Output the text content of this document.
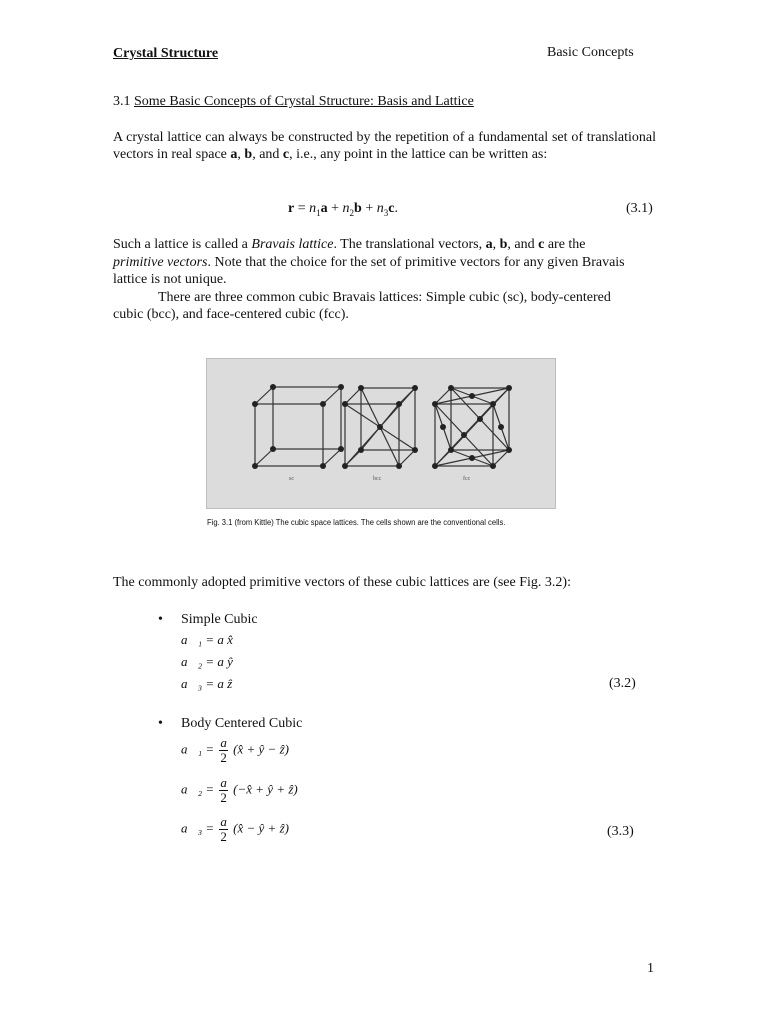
Crystal Structure	Basic Concepts
3.1 Some Basic Concepts of Crystal Structure: Basis and Lattice
A crystal lattice can always be constructed by the repetition of a fundamental set of translational vectors in real space a, b, and c, i.e., any point in the lattice can be written as:
$r = n_1a + n_2b + n_3c$.	(3.1)
Such a lattice is called a Bravais lattice. The translational vectors, a, b, and c are the primitive vectors. Note that the choice for the set of primitive vectors for any given Bravais lattice is not unique.
There are three common cubic Bravais lattices: Simple cubic (sc), body-centered cubic (bcc), and face-centered cubic (fcc).
sc	bcc	fcc
Fig. 3.1 (from Kittle) The cubic space lattices. The cells shown are the conventional cells.
The commonly adopted primitive vectors of these cubic lattices are (see Fig. 3.2):
• Simple Cubic
a⃗₁ = a x̂
a⃗₂ = a ŷ
a⃗₃ = a ẑ	(3.2)
• Body Centered Cubic
a⃗₁ = $\frac{a}{2}$ (x̂ + ŷ − ẑ)
a⃗₂ = $\frac{a}{2}$ (−x̂ + ŷ + ẑ)
a⃗₃ = $\frac{a}{2}$ (x̂ − ŷ + ẑ)	(3.3)
1
